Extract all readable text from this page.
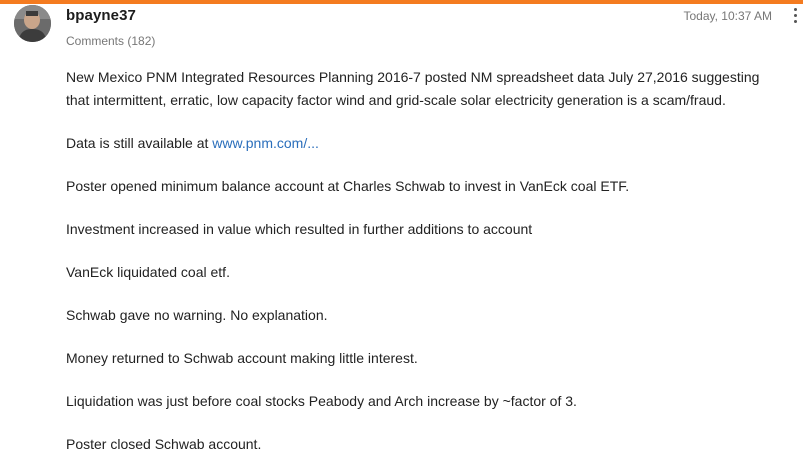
bpayne37
Comments (182)
Today, 10:37 AM

New Mexico PNM Integrated Resources Planning 2016-7 posted NM spreadsheet data July 27,2016 suggesting that intermittent, erratic, low capacity factor wind and grid-scale solar electricity generation is a scam/fraud.

Data is still available at www.pnm.com/...

Poster opened minimum balance account at Charles Schwab to invest in VanEck coal ETF.

Investment increased in value which resulted in further additions to account

VanEck liquidated coal etf.

Schwab gave no warning. No explanation.

Money returned to Schwab account making little interest.

Liquidation was just before coal stocks Peabody and Arch increase by ~factor of 3.

Poster closed Schwab account.
